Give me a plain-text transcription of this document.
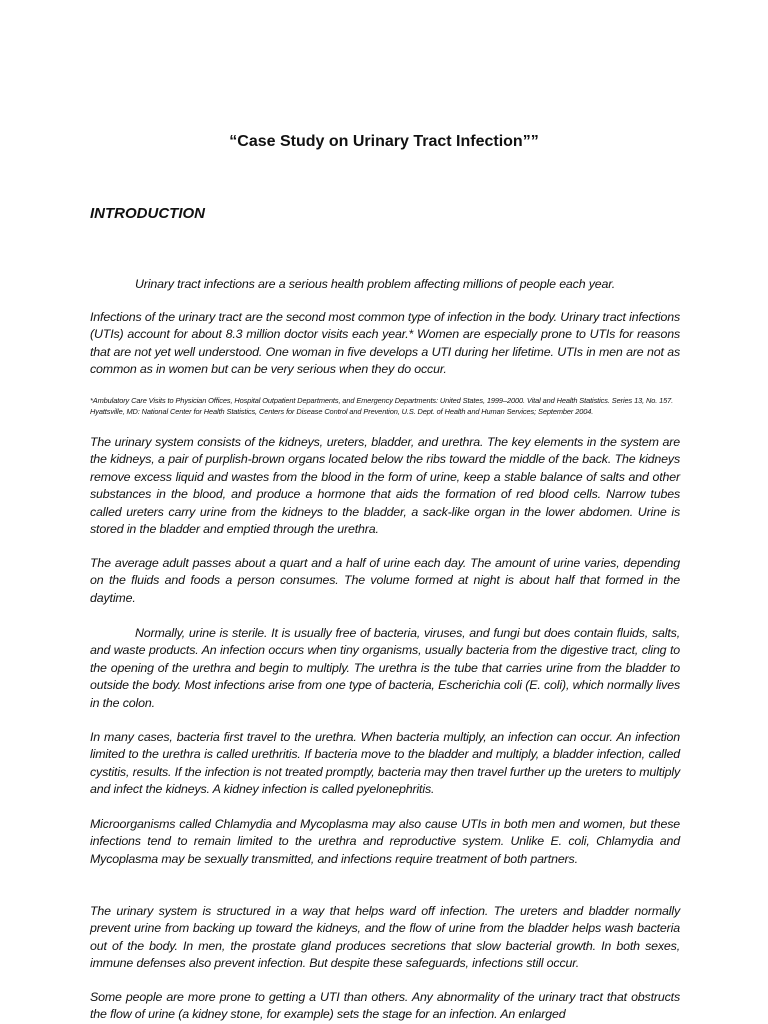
“Case Study on Urinary Tract Infection””
INTRODUCTION

Urinary tract infections are a serious health problem affecting millions of people each year.

Infections of the urinary tract are the second most common type of infection in the body. Urinary tract infections (UTIs) account for about 8.3 million doctor visits each year.* Women are especially prone to UTIs for reasons that are not yet well understood. One woman in five develops a UTI during her lifetime. UTIs in men are not as common as in women but can be very serious when they do occur.

*Ambulatory Care Visits to Physician Offices, Hospital Outpatient Departments, and Emergency Departments: United States, 1999–2000. Vital and Health Statistics. Series 13, No. 157. Hyattsville, MD: National Center for Health Statistics, Centers for Disease Control and Prevention, U.S. Dept. of Health and Human Services; September 2004.

The urinary system consists of the kidneys, ureters, bladder, and urethra. The key elements in the system are the kidneys, a pair of purplish-brown organs located below the ribs toward the middle of the back. The kidneys remove excess liquid and wastes from the blood in the form of urine, keep a stable balance of salts and other substances in the blood, and produce a hormone that aids the formation of red blood cells. Narrow tubes called ureters carry urine from the kidneys to the bladder, a sack-like organ in the lower abdomen. Urine is stored in the bladder and emptied through the urethra.

The average adult passes about a quart and a half of urine each day. The amount of urine varies, depending on the fluids and foods a person consumes. The volume formed at night is about half that formed in the daytime.

Normally, urine is sterile. It is usually free of bacteria, viruses, and fungi but does contain fluids, salts, and waste products. An infection occurs when tiny organisms, usually bacteria from the digestive tract, cling to the opening of the urethra and begin to multiply. The urethra is the tube that carries urine from the bladder to outside the body. Most infections arise from one type of bacteria, Escherichia coli (E. coli), which normally lives in the colon.

In many cases, bacteria first travel to the urethra. When bacteria multiply, an infection can occur. An infection limited to the urethra is called urethritis. If bacteria move to the bladder and multiply, a bladder infection, called cystitis, results. If the infection is not treated promptly, bacteria may then travel further up the ureters to multiply and infect the kidneys. A kidney infection is called pyelonephritis.

Microorganisms called Chlamydia and Mycoplasma may also cause UTIs in both men and women, but these infections tend to remain limited to the urethra and reproductive system. Unlike E. coli, Chlamydia and Mycoplasma may be sexually transmitted, and infections require treatment of both partners.

The urinary system is structured in a way that helps ward off infection. The ureters and bladder normally prevent urine from backing up toward the kidneys, and the flow of urine from the bladder helps wash bacteria out of the body. In men, the prostate gland produces secretions that slow bacterial growth. In both sexes, immune defenses also prevent infection. But despite these safeguards, infections still occur.

Some people are more prone to getting a UTI than others. Any abnormality of the urinary tract that obstructs the flow of urine (a kidney stone, for example) sets the stage for an infection. An enlarged
